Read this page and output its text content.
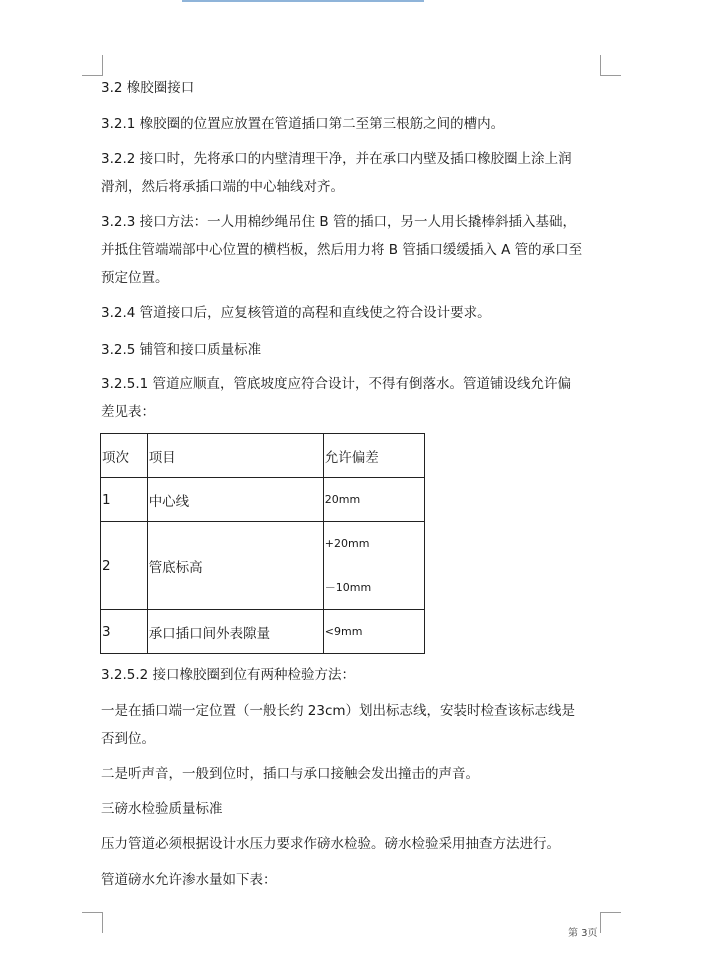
3.2 橡胶圈接口
3.2.1 橡胶圈的位置应放置在管道插口第二至第三根筋之间的槽内。
3.2.2 接口时，先将承口的内壁清理干净，并在承口内壁及插口橡胶圈上涂上润
滑剂，然后将承插口端的中心轴线对齐。
3.2.3 接口方法：一人用棉纱绳吊住 B 管的插口，另一人用长撬棒斜插入基础，
并抵住管端端部中心位置的横档板，然后用力将 B 管插口缓缓插入 A 管的承口至
预定位置。
3.2.4 管道接口后，应复核管道的高程和直线使之符合设计要求。
3.2.5 铺管和接口质量标准
3.2.5.1 管道应顺直，管底坡度应符合设计，不得有倒落水。管道铺设线允许偏
差见表：
项次	项目	允许偏差
1	中心线	20mm
2	管底标高	+20mm
－10mm

3	承口插口间外表隙量	<9mm
3.2.5.2 接口橡胶圈到位有两种检验方法：
一是在插口端一定位置（一般长约 23cm）划出标志线，安装时检查该标志线是
否到位。
二是听声音，一般到位时，插口与承口接触会发出撞击的声音。
三磅水检验质量标准
压力管道必须根据设计水压力要求作磅水检验。磅水检验采用抽查方法进行。
管道磅水允许渗水量如下表：
第 3页
